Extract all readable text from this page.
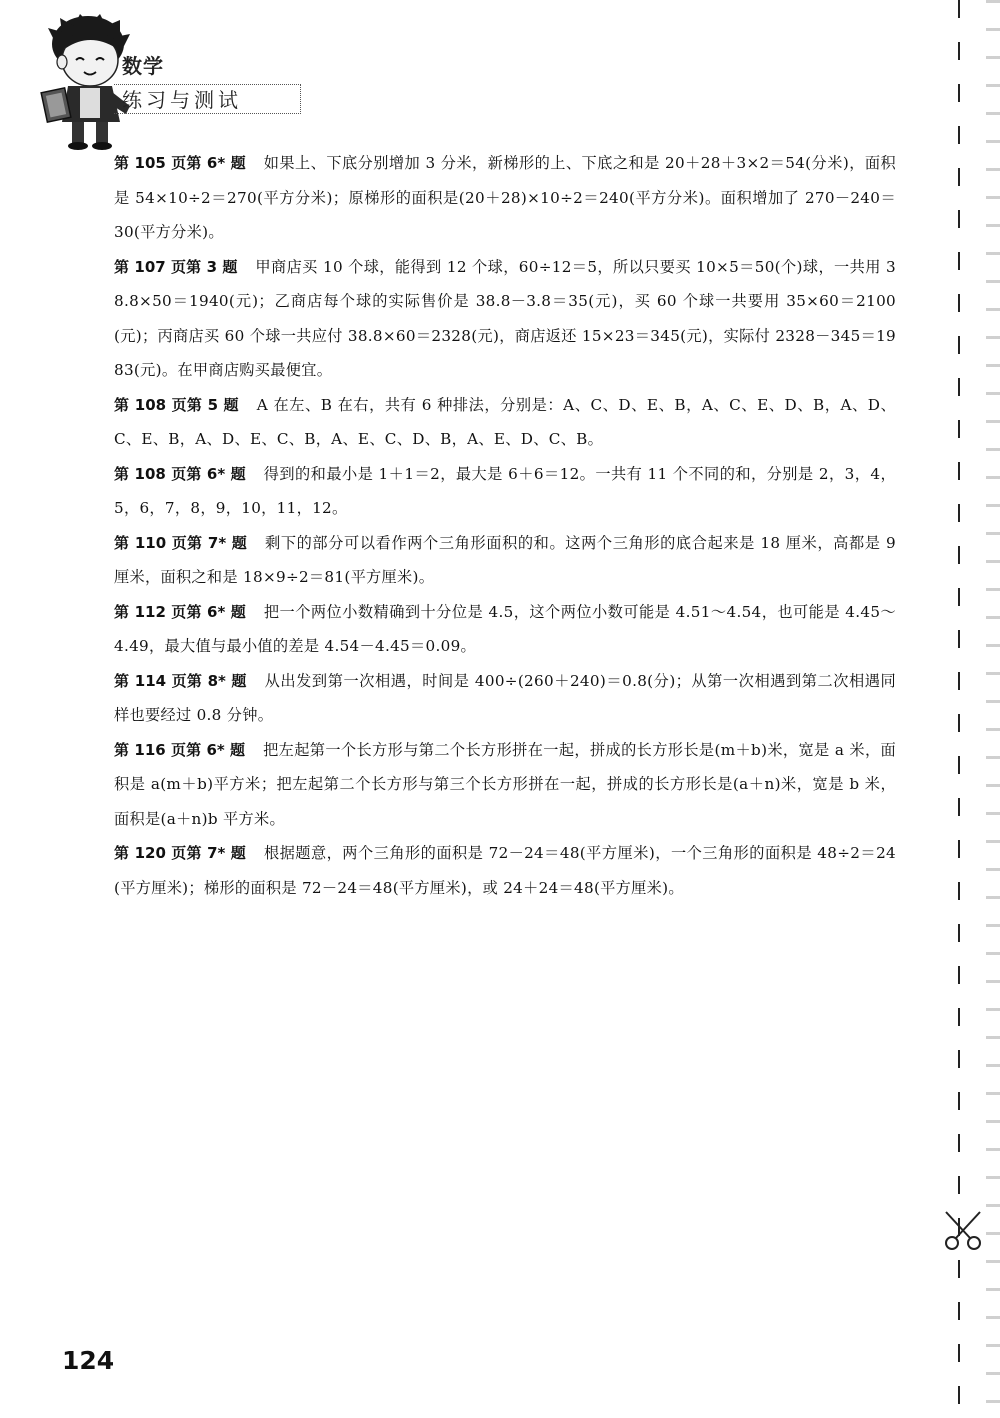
数学
练习与测试

第 105 页第 6* 题 如果上、下底分别增加 3 分米，新梯形的上、下底之和是 20＋28＋3×2＝54(分米)，面积是 54×10÷2＝270(平方分米)；原梯形的面积是(20＋28)×10÷2＝240(平方分米)。面积增加了 270－240＝30(平方分米)。

第 107 页第 3 题 甲商店买 10 个球，能得到 12 个球，60÷12＝5，所以只要买 10×5＝50(个)球，一共用 38.8×50＝1940(元)；乙商店每个球的实际售价是 38.8－3.8＝35(元)，买 60 个球一共要用 35×60＝2100(元)；丙商店买 60 个球一共应付 38.8×60＝2328(元)，商店返还 15×23＝345(元)，实际付 2328－345＝1983(元)。在甲商店购买最便宜。

第 108 页第 5 题 A 在左、B 在右，共有 6 种排法，分别是：A、C、D、E、B，A、C、E、D、B，A、D、C、E、B，A、D、E、C、B，A、E、C、D、B，A、E、D、C、B。

第 108 页第 6* 题 得到的和最小是 1＋1＝2，最大是 6＋6＝12。一共有 11 个不同的和，分别是 2，3，4，5，6，7，8，9，10，11，12。

第 110 页第 7* 题 剩下的部分可以看作两个三角形面积的和。这两个三角形的底合起来是 18 厘米，高都是 9 厘米，面积之和是 18×9÷2＝81(平方厘米)。

第 112 页第 6* 题 把一个两位小数精确到十分位是 4.5，这个两位小数可能是 4.51～4.54，也可能是 4.45～4.49，最大值与最小值的差是 4.54－4.45＝0.09。

第 114 页第 8* 题 从出发到第一次相遇，时间是 400÷(260＋240)＝0.8(分)；从第一次相遇到第二次相遇同样也要经过 0.8 分钟。

第 116 页第 6* 题 把左起第一个长方形与第二个长方形拼在一起，拼成的长方形长是(m＋b)米，宽是 a 米，面积是 a(m＋b)平方米；把左起第二个长方形与第三个长方形拼在一起，拼成的长方形长是(a＋n)米，宽是 b 米，面积是(a＋n)b 平方米。

第 120 页第 7* 题 根据题意，两个三角形的面积是 72－24＝48(平方厘米)，一个三角形的面积是 48÷2＝24(平方厘米)；梯形的面积是 72－24＝48(平方厘米)，或 24＋24＝48(平方厘米)。

124
